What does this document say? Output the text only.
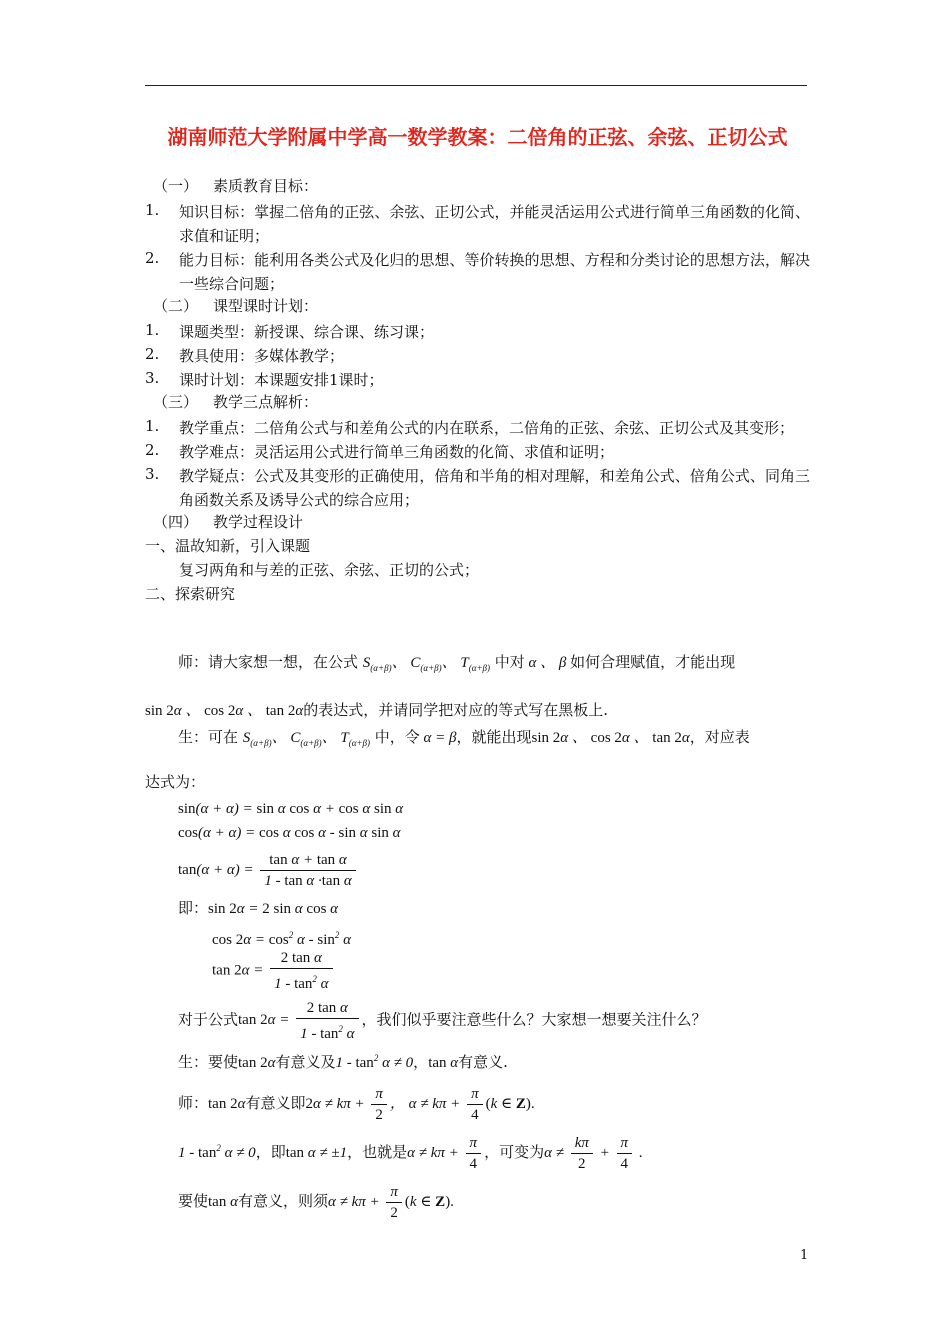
湖南师范大学附属中学高一数学教案：二倍角的正弦、余弦、正切公式
（一） 素质教育目标：
1. 知识目标：掌握二倍角的正弦、余弦、正切公式，并能灵活运用公式进行简单三角函数的化简、求值和证明；
2. 能力目标：能利用各类公式及化归的思想、等价转换的思想、方程和分类讨论的思想方法，解决一些综合问题；
（二） 课型课时计划：
1. 课题类型：新授课、综合课、练习课；
2. 教具使用：多媒体教学；
3. 课时计划：本课题安排1课时；
（三） 教学三点解析：
1. 教学重点：二倍角公式与和差角公式的内在联系，二倍角的正弦、余弦、正切公式及其变形；
2. 教学难点：灵活运用公式进行简单三角函数的化简、求值和证明；
3. 教学疑点：公式及其变形的正确使用，倍角和半角的相对理解，和差角公式、倍角公式、同角三角函数关系及诱导公式的综合应用；
（四） 教学过程设计
一、温故知新，引入课题
复习两角和与差的正弦、余弦、正切的公式；
二、探索研究
师：请大家想一想，在公式 $S_{(\alpha+\beta)}$、 $C_{(\alpha+\beta)}$、 $T_{(\alpha+\beta)}$ 中对 α 、 β 如何合理赋值，才能出现
sin 2α 、 cos 2α 、 tan 2α的表达式，并请同学把对应的等式写在黑板上.
生：可在 $S_{(\alpha+\beta)}$、 $C_{(\alpha+\beta)}$、 $T_{(\alpha+\beta)}$ 中，令 α = β，就能出现sin 2α 、 cos 2α 、 tan 2α，对应表
达式为：
sin(α + α) = sin α cos α + cos α sin α
cos(α + α) = cos α cos α - sin α sin α
$\tan(\alpha + \alpha) = \frac{\text{tan α + tan α}}{\text{1 - tan α ·tan α}}$
即：sin 2α = 2 sin α cos α
$\cos 2\alpha = \cos^2 \alpha - \sin^2 \alpha$
$\tan 2\alpha = \frac{\text{2 tan α}}{1 - \tan^2 \alpha}$
对于公式$\tan 2\alpha = \frac{\text{2 tan α}}{1 - \tan^2 \alpha}$ ，我们似乎要注意些什么？大家想一想要关注什么？
生：要使tan 2α有意义及$1 - \tan^2 \alpha \ne 0$，tan α有意义.
师：tan 2α有意义即$2\alpha \ne k\pi + \frac{\pi}{2}$ ， $\alpha \ne k\pi + \frac{\pi}{4} (k$ ∈ Z).
$1 - \tan^2 \alpha \ne 0$，即tan α ≠ ±1，也就是$\alpha \ne k\pi + \frac{\pi}{4}$ ，可变为$\alpha \ne \frac{k\pi}{2} + \frac{\pi}{4}$ .
要使tan α有意义，则须$\alpha \ne k\pi + \frac{\pi}{2} (k$ ∈ Z).
1
